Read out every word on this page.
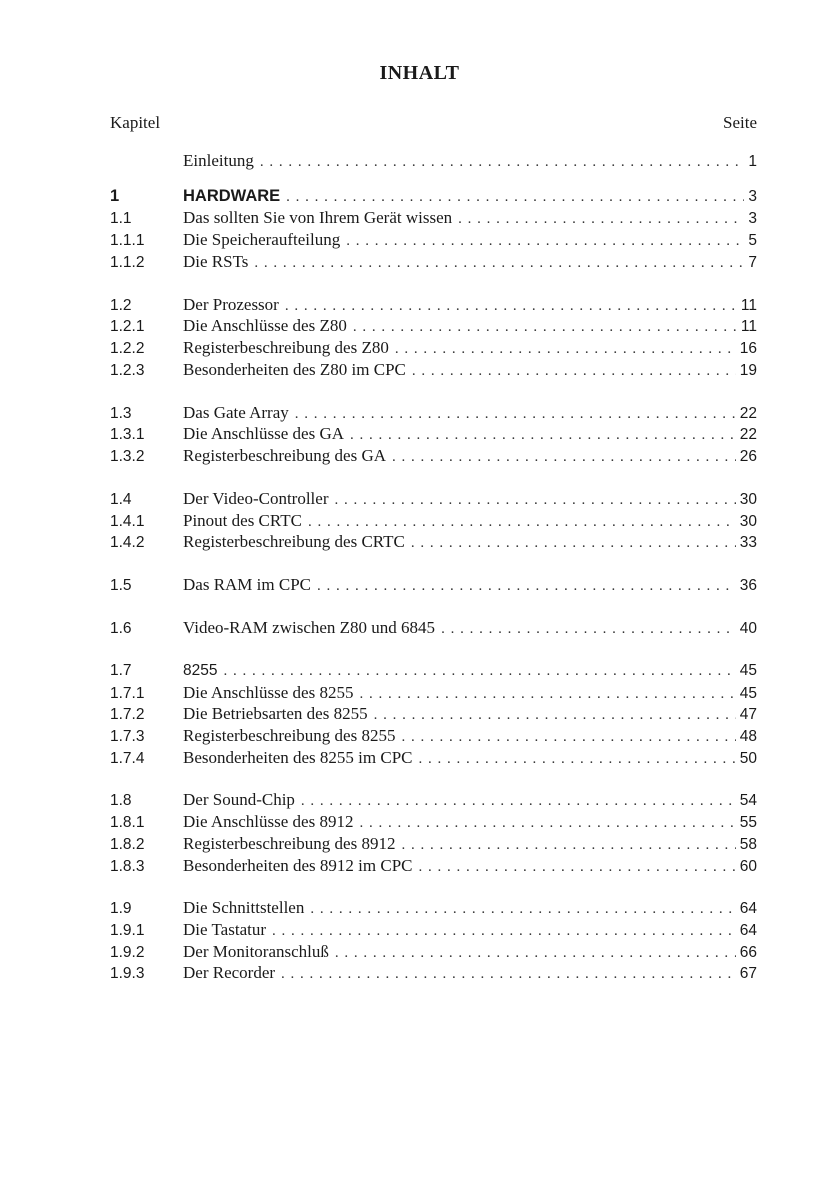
INHALT
Kapitel	Seite
Einleitung . . .	1
1	HARDWARE . . .	3
1.1	Das sollten Sie von Ihrem Gerät wissen . . .	3
1.1.1	Die Speicheraufteilung . . .	5
1.1.2	Die RSTs . . .	7
1.2	Der Prozessor . . .	11
1.2.1	Die Anschlüsse des Z80 . . .	11
1.2.2	Registerbeschreibung des Z80 . . .	16
1.2.3	Besonderheiten des Z80 im CPC . . .	19
1.3	Das Gate Array . . .	22
1.3.1	Die Anschlüsse des GA . . .	22
1.3.2	Registerbeschreibung des GA . . .	26
1.4	Der Video-Controller . . .	30
1.4.1	Pinout des CRTC . . .	30
1.4.2	Registerbeschreibung des CRTC . . .	33
1.5	Das RAM im CPC . . .	36
1.6	Video-RAM zwischen Z80 und 6845 . . .	40
1.7	8255 . . .	45
1.7.1	Die Anschlüsse des 8255 . . .	45
1.7.2	Die Betriebsarten des 8255 . . .	47
1.7.3	Registerbeschreibung des 8255 . . .	48
1.7.4	Besonderheiten des 8255 im CPC . . .	50
1.8	Der Sound-Chip . . .	54
1.8.1	Die Anschlüsse des 8912 . . .	55
1.8.2	Registerbeschreibung des 8912 . . .	58
1.8.3	Besonderheiten des 8912 im CPC . . .	60
1.9	Die Schnittstellen . . .	64
1.9.1	Die Tastatur . . .	64
1.9.2	Der Monitoranschluß . . .	66
1.9.3	Der Recorder . . .	67
